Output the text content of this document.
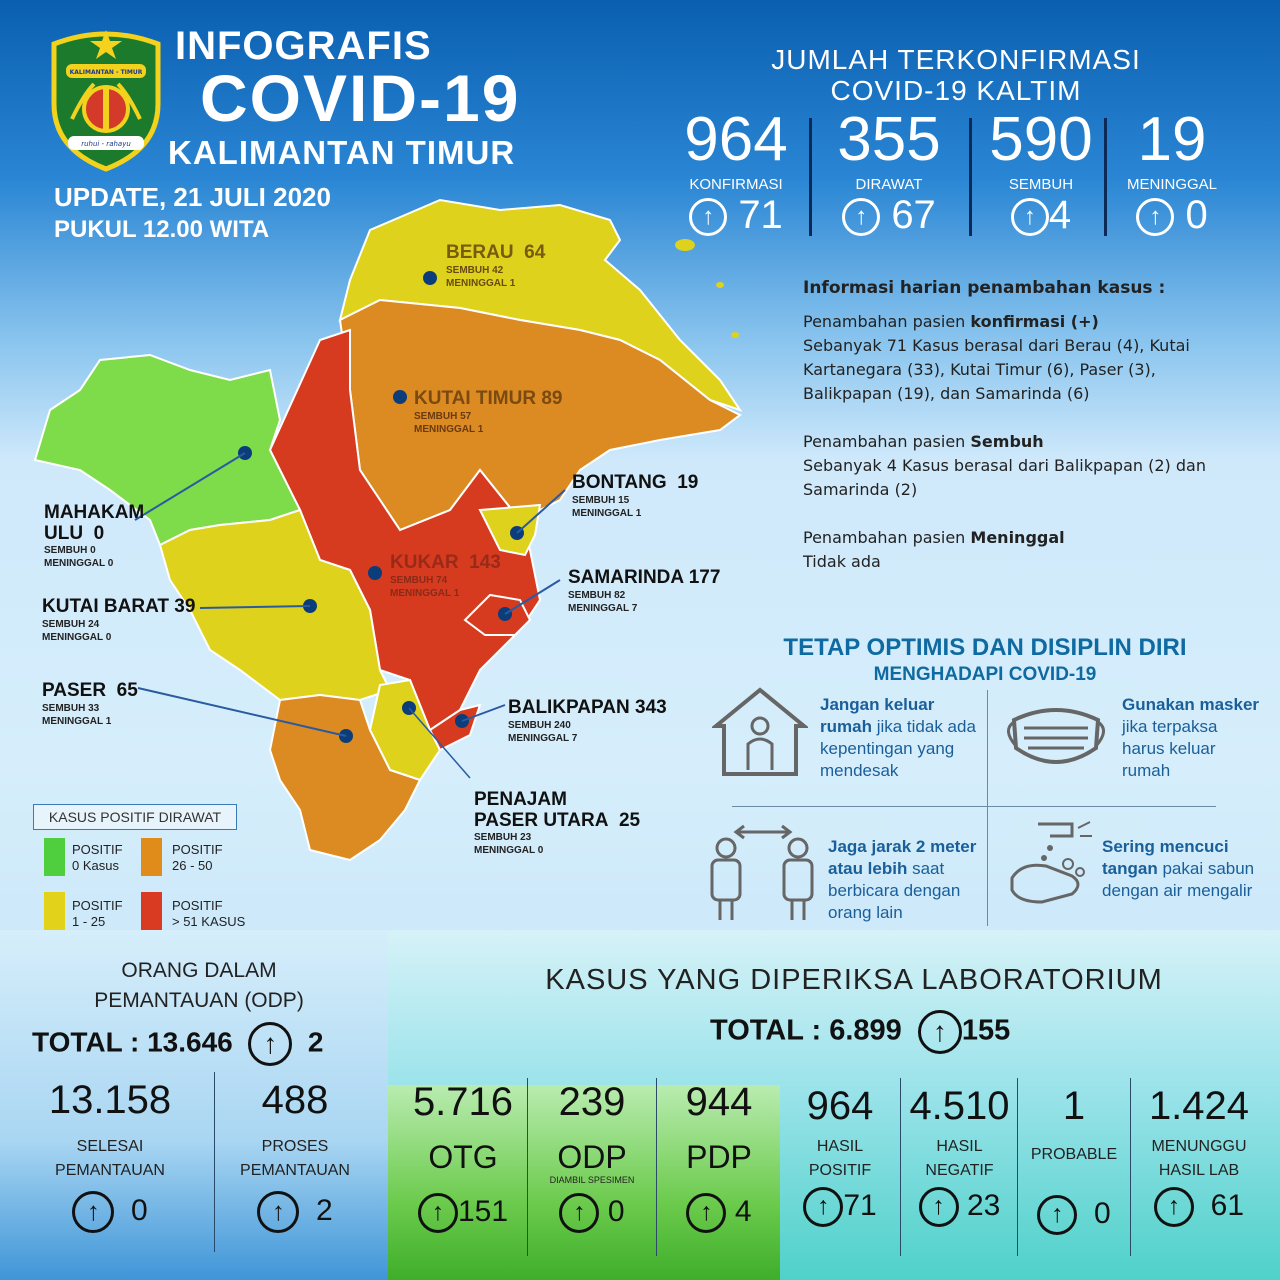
KALIMANTAN - TIMUR
ruhui - rahayu
INFOGRAFIS
COVID-19
KALIMANTAN TIMUR
UPDATE, 21 JULI 2020
PUKUL 12.00 WITA
JUMLAH TERKONFIRMASI
COVID-19 KALTIM
964
KONFIRMASI
↑ 71
355
DIRAWAT
↑ 67
590
SEMBUH
↑ 4
19
MENINGGAL
↑ 0
BERAU 64
SEMBUH 42
MENINGGAL 1
KUTAI TIMUR 89
SEMBUH 57
MENINGGAL 1
BONTANG 19
SEMBUH 15
MENINGGAL 1
KUKAR 143
SEMBUH 74
MENINGGAL 1
SAMARINDA 177
SEMBUH 82
MENINGGAL 7
BALIKPAPAN 343
SEMBUH 240
MENINGGAL 7
MAHAKAM
ULU 0
SEMBUH 0
MENINGGAL 0
KUTAI BARAT 39
SEMBUH 24
MENINGGAL 0
PASER 65
SEMBUH 33
MENINGGAL 1
PENAJAM
PASER UTARA 25
SEMBUH 23
MENINGGAL 0
KASUS POSITIF DIRAWAT
POSITIF
0 Kasus
POSITIF
26 - 50
POSITIF
1 - 25
POSITIF
> 51 KASUS
Informasi harian penambahan kasus :
Penambahan pasien konfirmasi (+)
Sebanyak 71 Kasus berasal dari Berau (4), Kutai Kartanegara (33), Kutai Timur (6), Paser (3), Balikpapan (19), dan Samarinda (6)
Penambahan pasien Sembuh
Sebanyak 4 Kasus berasal dari Balikpapan (2) dan Samarinda (2)
Penambahan pasien Meninggal
Tidak ada
TETAP OPTIMIS DAN DISIPLIN DIRI
MENGHADAPI COVID-19
Jangan keluar rumah jika tidak ada kepentingan yang mendesak
Gunakan masker jika terpaksa harus keluar rumah
Jaga jarak 2 meter atau lebih saat berbicara dengan orang lain
Sering mencuci tangan pakai sabun dengan air mengalir
ORANG DALAM
PEMANTAUAN (ODP)
TOTAL : 13.646 ↑ 2
13.158
SELESAI
PEMANTAUAN
↑ 0
488
PROSES
PEMANTAUAN
↑ 2
KASUS YANG DIPERIKSA LABORATORIUM
TOTAL : 6.899 ↑ 155
5.716
OTG
↑ 151
239
ODP
DIAMBIL SPESIMEN
↑ 0
944
PDP
↑ 4
964
HASIL
POSITIF
↑ 71
4.510
HASIL
NEGATIF
↑ 23
1
PROBABLE
↑ 0
1.424
MENUNGGU
HASIL LAB
↑ 61
